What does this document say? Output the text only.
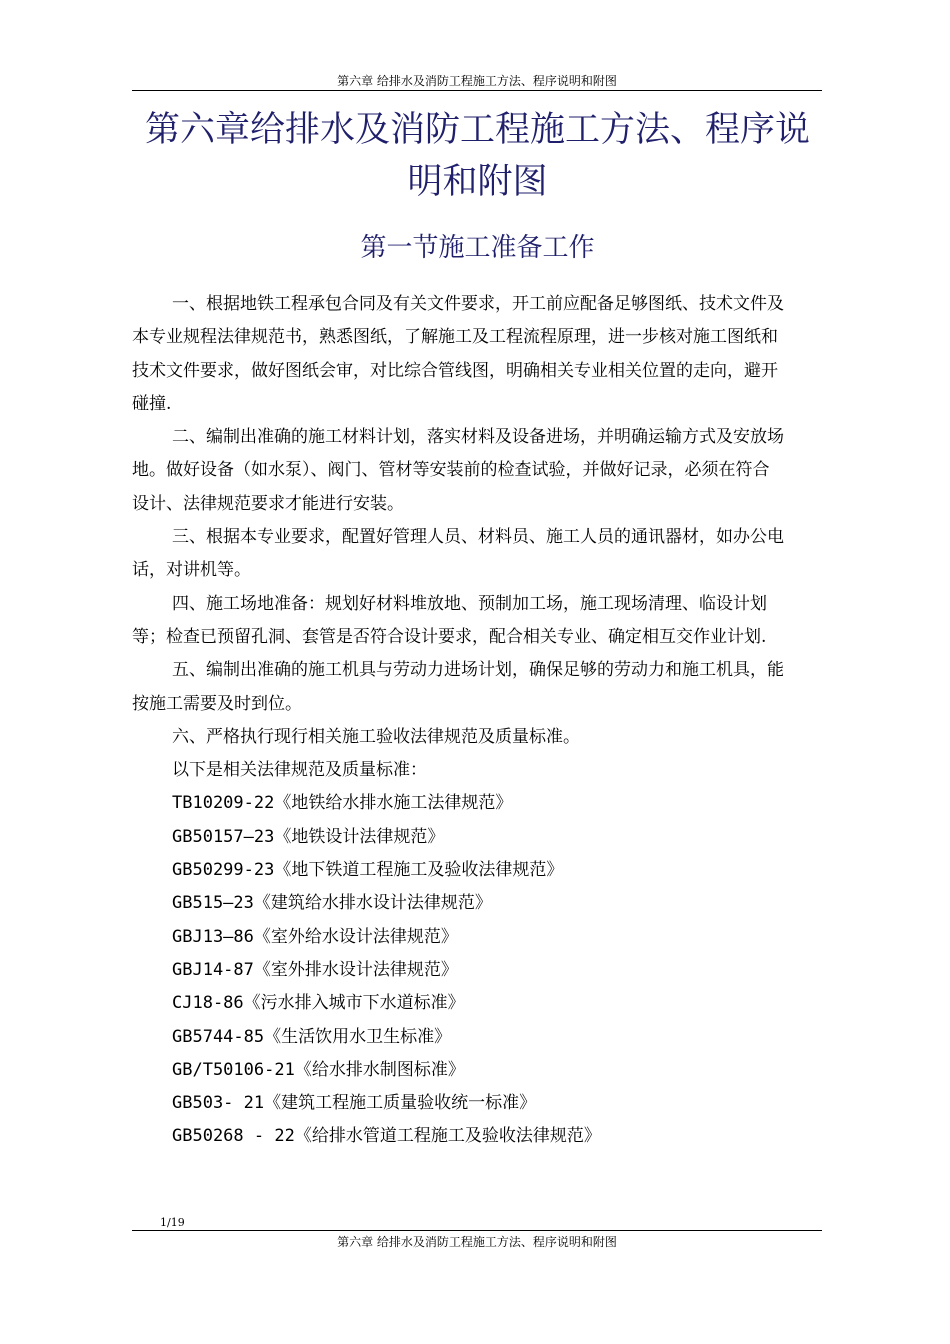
第六章 给排水及消防工程施工方法、程序说明和附图
第六章给排水及消防工程施工方法、程序说
明和附图
第一节施工准备工作

一、根据地铁工程承包合同及有关文件要求，开工前应配备足够图纸、技术文件及
本专业规程法律规范书，熟悉图纸，了解施工及工程流程原理，进一步核对施工图纸和
技术文件要求，做好图纸会审，对比综合管线图，明确相关专业相关位置的走向，避开
碰撞.

二、编制出准确的施工材料计划，落实材料及设备进场，并明确运输方式及安放场
地。做好设备（如水泵）、阀门、管材等安装前的检查试验，并做好记录，必须在符合
设计、法律规范要求才能进行安装。

三、根据本专业要求，配置好管理人员、材料员、施工人员的通讯器材，如办公电
话，对讲机等。

四、施工场地准备：规划好材料堆放地、预制加工场，施工现场清理、临设计划
等；检查已预留孔洞、套管是否符合设计要求，配合相关专业、确定相互交作业计划.

五、编制出准确的施工机具与劳动力进场计划，确保足够的劳动力和施工机具，能
按施工需要及时到位。

六、严格执行现行相关施工验收法律规范及质量标准。

以下是相关法律规范及质量标准：

TB10209-22《地铁给水排水施工法律规范》

GB50157—23《地铁设计法律规范》

GB50299-23《地下铁道工程施工及验收法律规范》

GB515—23《建筑给水排水设计法律规范》

GBJ13—86《室外给水设计法律规范》

GBJ14-87《室外排水设计法律规范》

CJ18-86《污水排入城市下水道标准》

GB5744-85《生活饮用水卫生标准》

GB/T50106-21《给水排水制图标准》

GB503- 21《建筑工程施工质量验收统一标准》

GB50268 - 22《给排水管道工程施工及验收法律规范》

1/19
第六章 给排水及消防工程施工方法、程序说明和附图
